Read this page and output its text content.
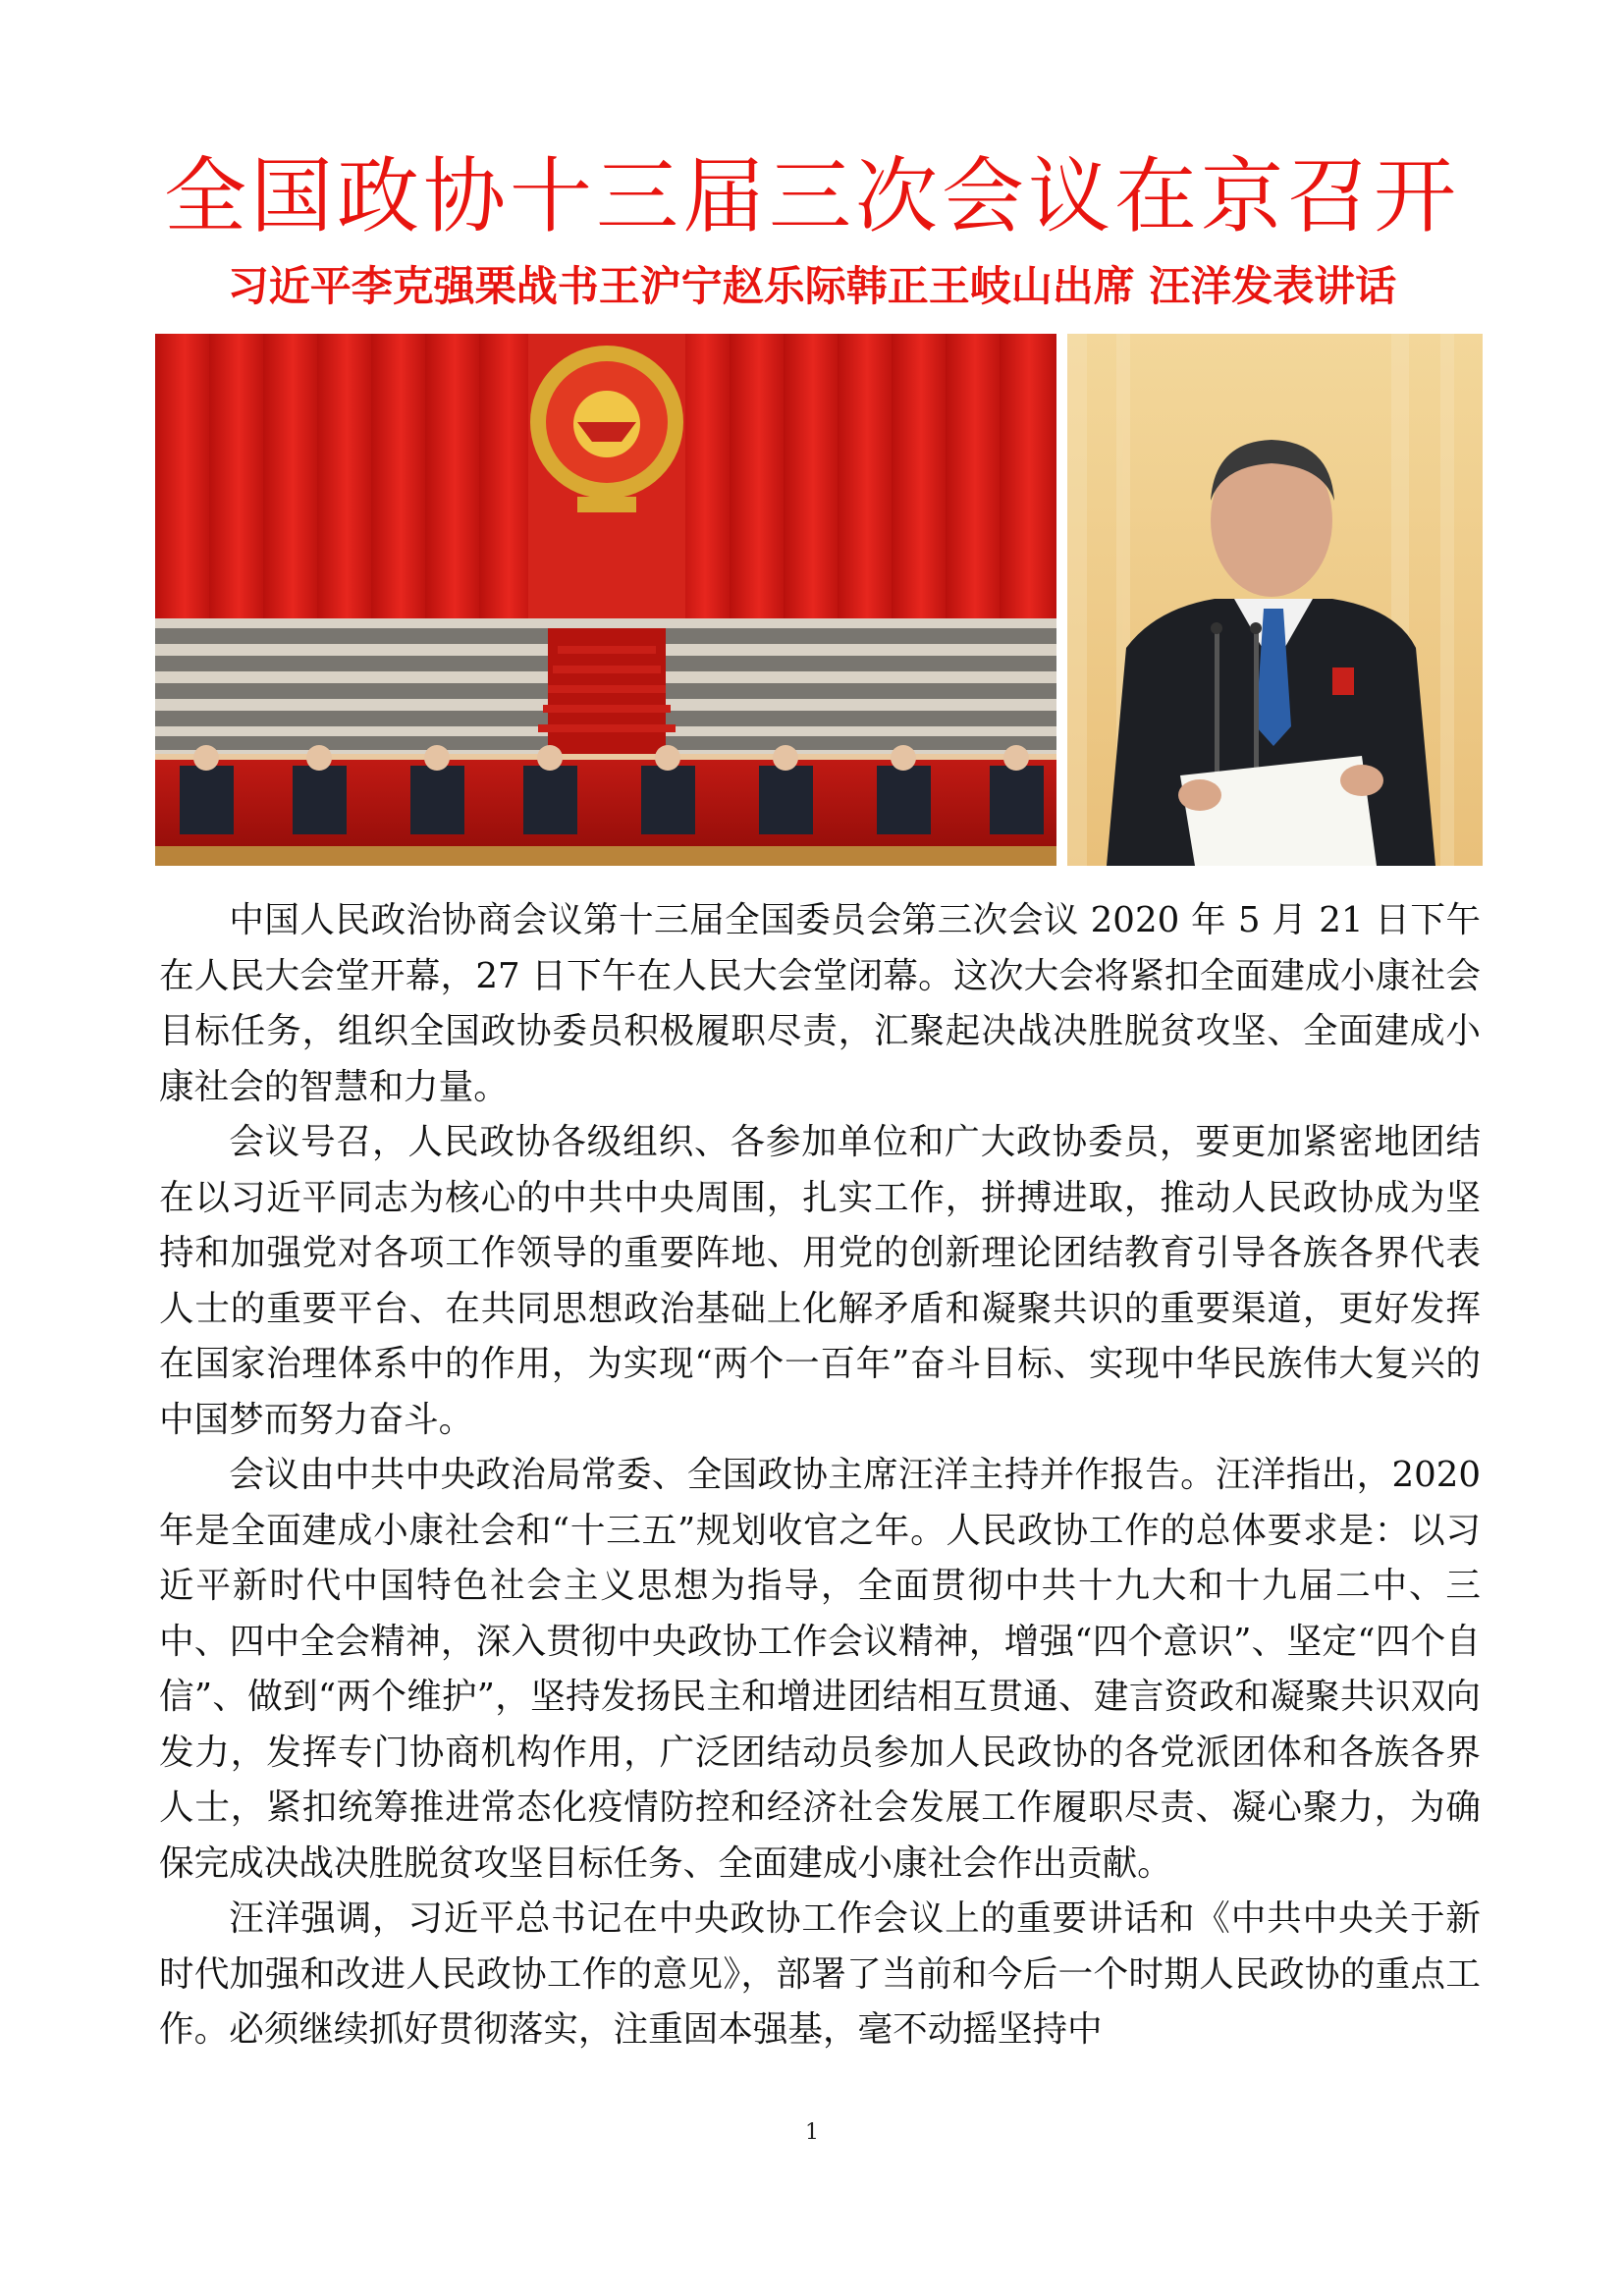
全国政协十三届三次会议在京召开
习近平李克强栗战书王沪宁赵乐际韩正王岐山出席 汪洋发表讲话

中国人民政治协商会议第十三届全国委员会第三次会议 2020 年 5 月 21 日下午在人民大会堂开幕，27 日下午在人民大会堂闭幕。这次大会将紧扣全面建成小康社会目标任务，组织全国政协委员积极履职尽责，汇聚起决战决胜脱贫攻坚、全面建成小康社会的智慧和力量。

会议号召，人民政协各级组织、各参加单位和广大政协委员，要更加紧密地团结在以习近平同志为核心的中共中央周围，扎实工作，拼搏进取，推动人民政协成为坚持和加强党对各项工作领导的重要阵地、用党的创新理论团结教育引导各族各界代表人士的重要平台、在共同思想政治基础上化解矛盾和凝聚共识的重要渠道，更好发挥在国家治理体系中的作用，为实现“两个一百年”奋斗目标、实现中华民族伟大复兴的中国梦而努力奋斗。

会议由中共中央政治局常委、全国政协主席汪洋主持并作报告。汪洋指出，2020 年是全面建成小康社会和“十三五”规划收官之年。人民政协工作的总体要求是：以习近平新时代中国特色社会主义思想为指导，全面贯彻中共十九大和十九届二中、三中、四中全会精神，深入贯彻中央政协工作会议精神，增强“四个意识”、坚定“四个自信”、做到“两个维护”，坚持发扬民主和增进团结相互贯通、建言资政和凝聚共识双向发力，发挥专门协商机构作用，广泛团结动员参加人民政协的各党派团体和各族各界人士，紧扣统筹推进常态化疫情防控和经济社会发展工作履职尽责、凝心聚力，为确保完成决战决胜脱贫攻坚目标任务、全面建成小康社会作出贡献。

汪洋强调，习近平总书记在中央政协工作会议上的重要讲话和《中共中央关于新时代加强和改进人民政协工作的意见》，部署了当前和今后一个时期人民政协的重点工作。必须继续抓好贯彻落实，注重固本强基，毫不动摇坚持中

1
